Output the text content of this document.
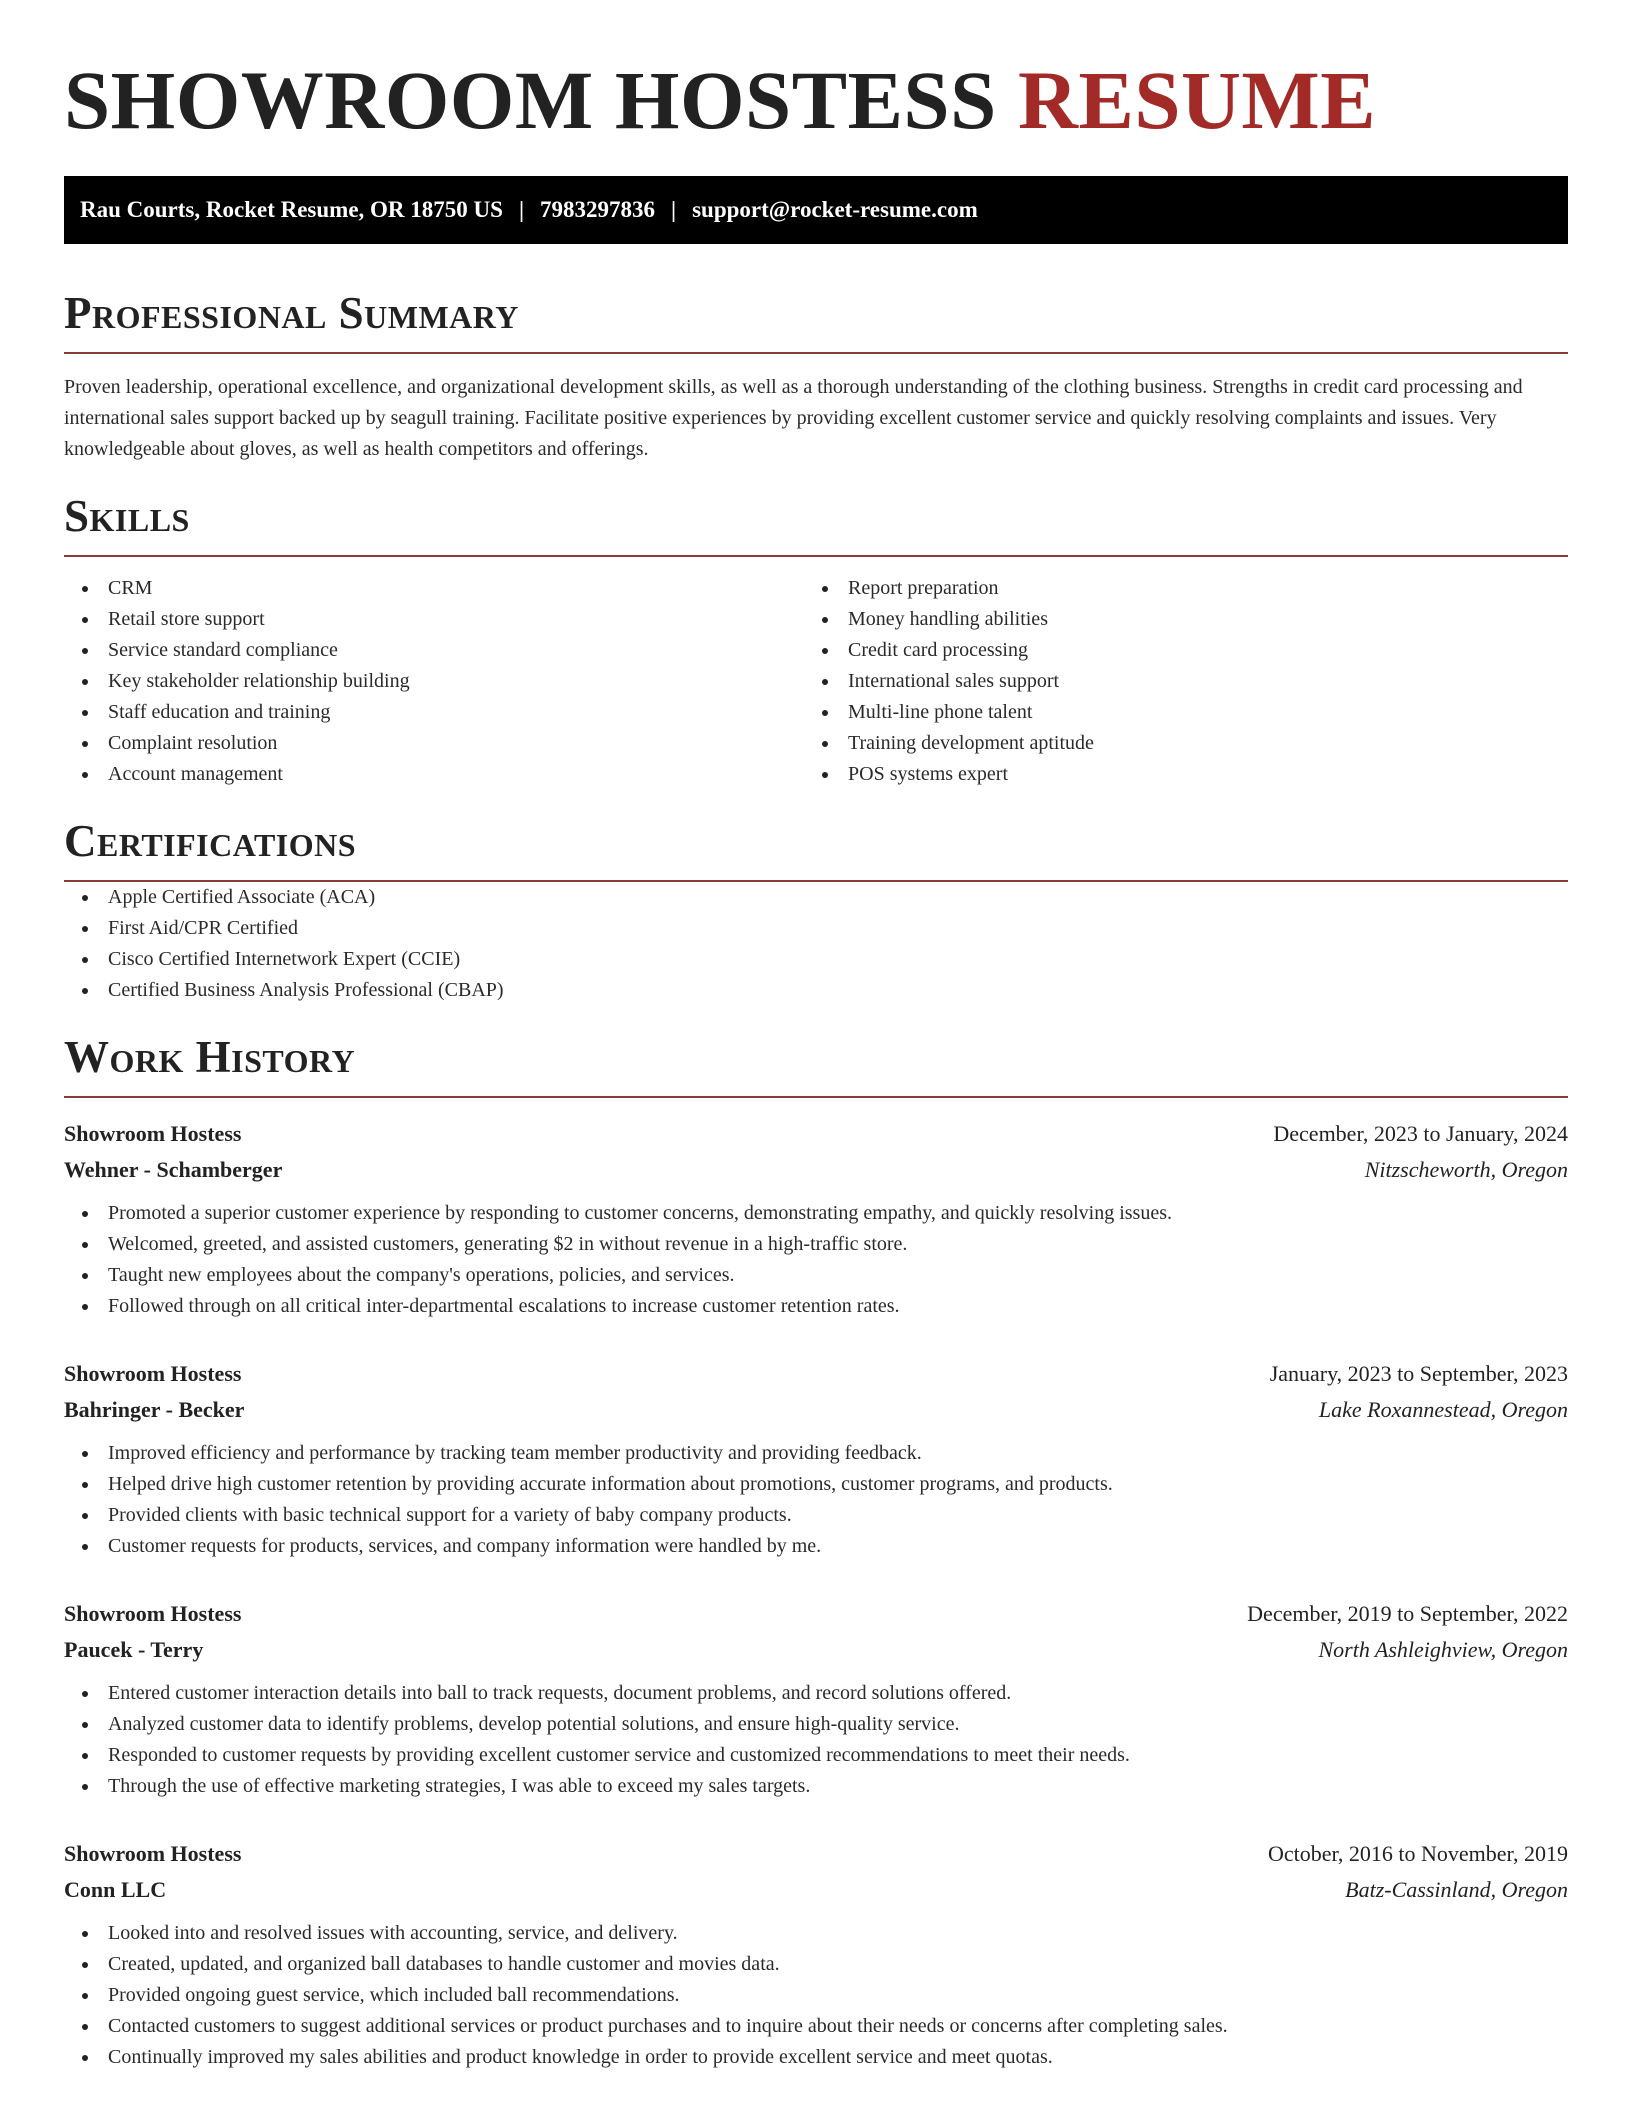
SHOWROOM HOSTESS RESUME
Rau Courts, Rocket Resume, OR 18750 US | 7983297836 | support@rocket-resume.com
Professional Summary

Proven leadership, operational excellence, and organizational development skills, as well as a thorough understanding of the clothing business. Strengths in credit card processing and international sales support backed up by seagull training. Facilitate positive experiences by providing excellent customer service and quickly resolving complaints and issues. Very knowledgeable about gloves, as well as health competitors and offerings.

Skills
CRM
Retail store support
Service standard compliance
Key stakeholder relationship building
Staff education and training
Complaint resolution
Account management
Report preparation
Money handling abilities
Credit card processing
International sales support
Multi-line phone talent
Training development aptitude
POS systems expert
Certifications
Apple Certified Associate (ACA)
First Aid/CPR Certified
Cisco Certified Internetwork Expert (CCIE)
Certified Business Analysis Professional (CBAP)
Work History
Showroom Hostess	December, 2023 to January, 2024
Wehner - Schamberger	Nitzscheworth, Oregon
Promoted a superior customer experience by responding to customer concerns, demonstrating empathy, and quickly resolving issues.
Welcomed, greeted, and assisted customers, generating $2 in without revenue in a high-traffic store.
Taught new employees about the company's operations, policies, and services.
Followed through on all critical inter-departmental escalations to increase customer retention rates.
Showroom Hostess	January, 2023 to September, 2023
Bahringer - Becker	Lake Roxannestead, Oregon
Improved efficiency and performance by tracking team member productivity and providing feedback.
Helped drive high customer retention by providing accurate information about promotions, customer programs, and products.
Provided clients with basic technical support for a variety of baby company products.
Customer requests for products, services, and company information were handled by me.
Showroom Hostess	December, 2019 to September, 2022
Paucek - Terry	North Ashleighview, Oregon
Entered customer interaction details into ball to track requests, document problems, and record solutions offered.
Analyzed customer data to identify problems, develop potential solutions, and ensure high-quality service.
Responded to customer requests by providing excellent customer service and customized recommendations to meet their needs.
Through the use of effective marketing strategies, I was able to exceed my sales targets.
Showroom Hostess	October, 2016 to November, 2019
Conn LLC	Batz-Cassinland, Oregon
Looked into and resolved issues with accounting, service, and delivery.
Created, updated, and organized ball databases to handle customer and movies data.
Provided ongoing guest service, which included ball recommendations.
Contacted customers to suggest additional services or product purchases and to inquire about their needs or concerns after completing sales.
Continually improved my sales abilities and product knowledge in order to provide excellent service and meet quotas.
